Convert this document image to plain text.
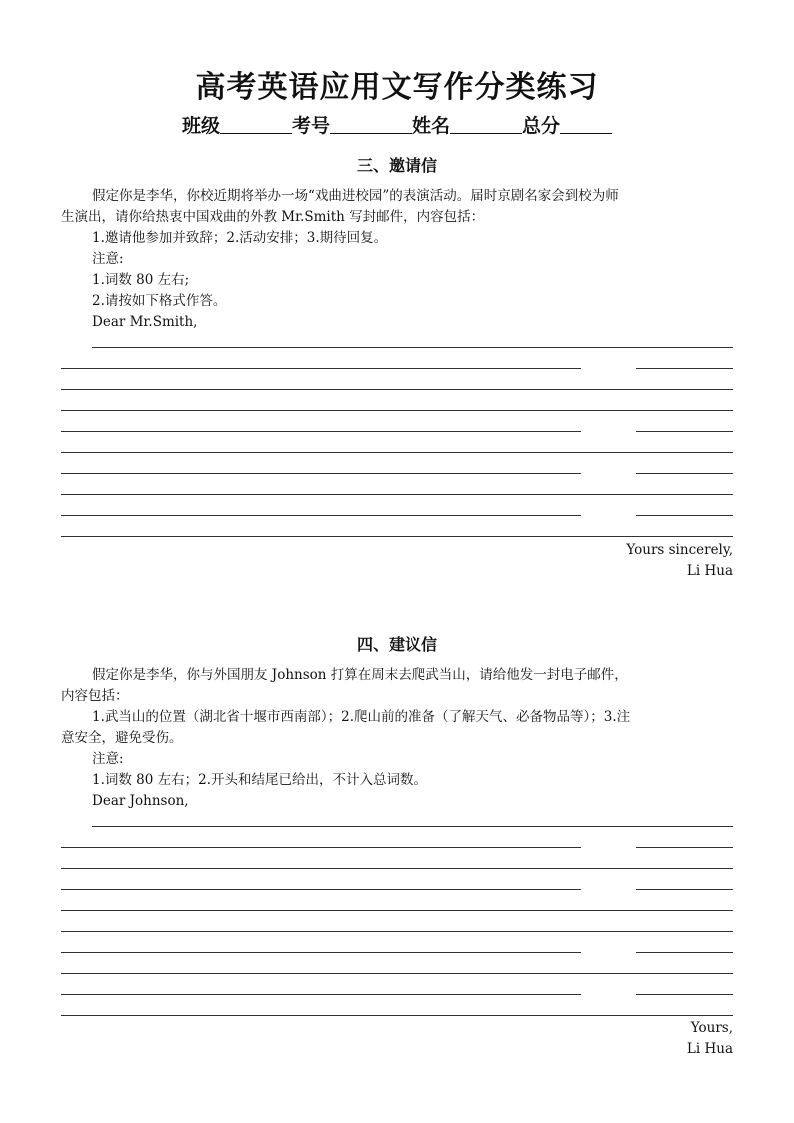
高考英语应用文写作分类练习
班级	考号	姓名	总分
三、邀请信
假定你是李华，你校近期将举办一场“戏曲进校园”的表演活动。届时京剧名家会到校为师
生演出，请你给热衷中国戏曲的外教 Mr.Smith 写封邮件，内容包括：
1.邀请他参加并致辞；2.活动安排；3.期待回复。
注意:
1.词数 80 左右;
2.请按如下格式作答。
Dear Mr.Smith,
Yours sincerely,
Li Hua
四、建议信
假定你是李华，你与外国朋友 Johnson 打算在周末去爬武当山，请给他发一封电子邮件，
内容包括：
1.武当山的位置（湖北省十堰市西南部）；2.爬山前的准备（了解天气、必备物品等）；3.注
意安全，避免受伤。
注意:
1.词数 80 左右；2.开头和结尾已给出，不计入总词数。
Dear Johnson,
Yours,
Li Hua
